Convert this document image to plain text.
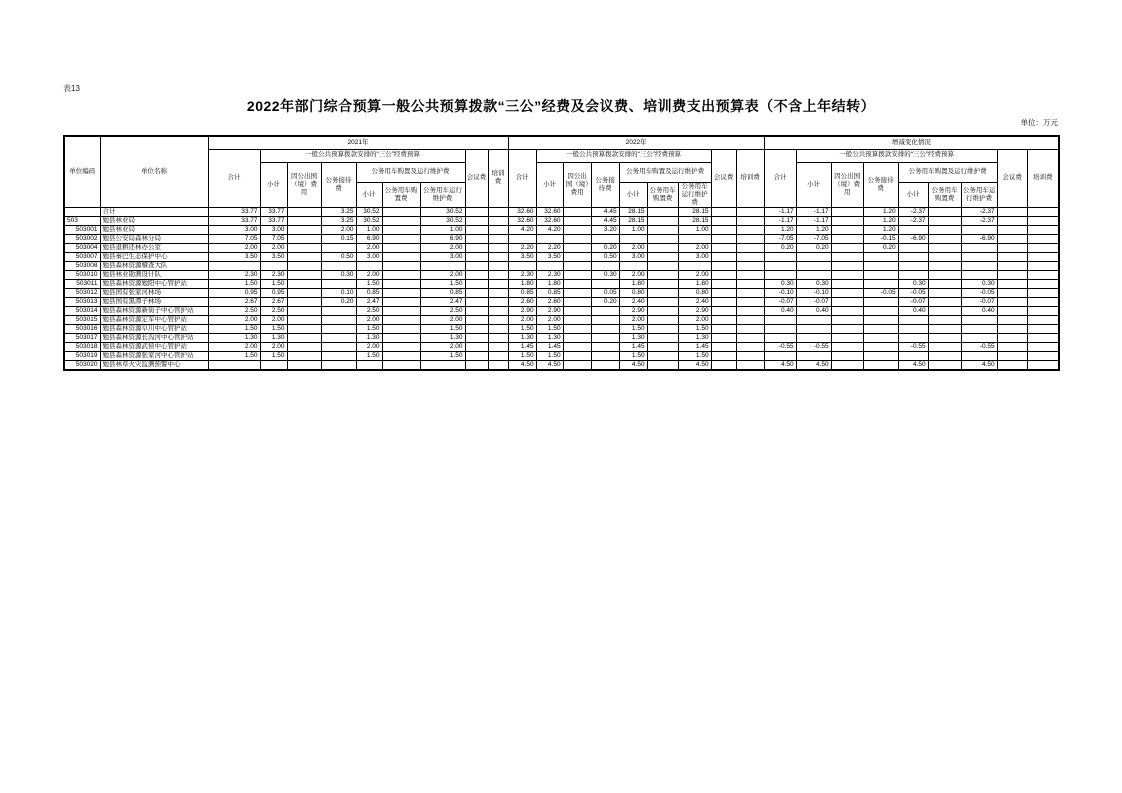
表13
2022年部门综合预算一般公共预算拨款“三公”经费及会议费、培训费支出预算表（不含上年结转）
单位：万元
单位编码	单位名称	2021年									2022年									增减变化情况								
		合计	一般公共预算拨款安排的“三公”经费预算						会议费	培训费	合计	一般公共预算拨款安排的“三公”经费预算						会议费	培训费	合计	一般公共预算拨款安排的“三公”经费预算						会议费	培训费
			小计	因公出国（境）费用	公务接待费	公务用车购置及运行维护费						小计	因公出国（境）费用	公务接待费	公务用车购置及运行维护费						小计	因公出国（境）费用	公务接待费	公务用车购置及运行维护费				
						小计	公务用车购置费	公务用车运行维护费							小计	公务用车购置费	公务用车运行维护费							小计	公务用车购置费	公务用车运行维护费		
	合计	33.77	33.77		3.25	30.52		30.52			32.60	32.60		4.45	28.15		28.15			-1.17	-1.17		1.20	-2.37		-2.37		
503	勉县林业局	33.77	33.77		3.25	30.52		30.52			32.60	32.60		4.45	28.15		28.15			-1.17	-1.17		1.20	-2.37		-2.37		
503001	勉县林业局	3.00	3.00		2.00	1.00		1.00			4.20	4.20		3.20	1.00		1.00			1.20	1.20		1.20					
503002	勉县公安局森林分局	7.05	7.05		0.15	6.90		6.90												-7.05	-7.05		-0.15	-6.90		-6.90		
503004	勉县退耕还林办公室	2.00	2.00			2.00		2.00			2.20	2.20		0.20	2.00		2.00			0.20	0.20		0.20					
503007	勉县秦巴生态保护中心	3.50	3.50		0.50	3.00		3.00			3.50	3.50		0.50	3.00		3.00											
503008	勉县森林资源稽查大队																											
503010	勉县林业勘测设计队	2.30	2.30		0.30	2.00		2.00			2.30	2.30		0.30	2.00		2.00											
503011	勉县森林资源勉阳中心管护站	1.50	1.50			1.50		1.50			1.80	1.80			1.80		1.80			0.30	0.30			0.30		0.30		
503012	勉县国有张家河林场	0.95	0.95		0.10	0.85		0.85			0.85	0.85		0.05	0.80		0.80			-0.10	-0.10		-0.05	-0.05		-0.05		
503013	勉县国有黑潭子林场	2.67	2.67		0.20	2.47		2.47			2.60	2.60		0.20	2.40		2.40			-0.07	-0.07			-0.07		-0.07		
503014	勉县森林资源新街子中心管护站	2.50	2.50			2.50		2.50			2.90	2.90			2.90		2.90			0.40	0.40			0.40		0.40		
503015	勉县森林资源定军中心管护站	2.00	2.00			2.00		2.00			2.00	2.00			2.00		2.00											
503016	勉县森林资源阜川中心管护站	1.50	1.50			1.50		1.50			1.50	1.50			1.50		1.50											
503017	勉县森林资源长沟河中心管护站	1.30	1.30			1.30		1.30			1.30	1.30			1.30		1.30											
503018	勉县森林资源武侯中心管护站	2.00	2.00			2.00		2.00			1.45	1.45			1.45		1.45			-0.55	-0.55			-0.55		-0.55		
503019	勉县森林资源张家河中心管护站	1.50	1.50			1.50		1.50			1.50	1.50			1.50		1.50											
503020	勉县林草火灾监测预警中心										4.50	4.50			4.50		4.50			4.50	4.50			4.50		4.50		
